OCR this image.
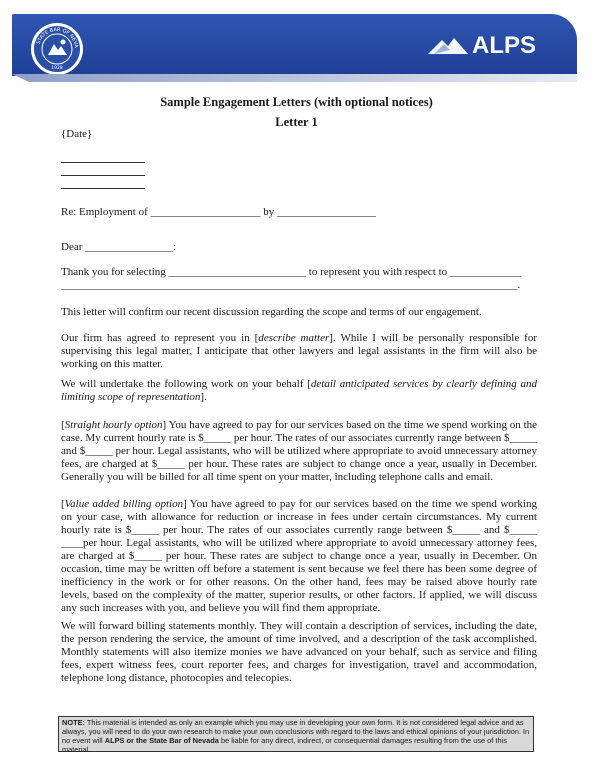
STATE BAR OF NEVA
1928
ALPS
Sample Engagement Letters (with optional notices)
Letter 1
{Date}
Re: Employment of ____________________ by __________________
Dear ________________:
Thank you for selecting _________________________ to represent you with respect to _____________
___________________________________________________________________________________.
This letter will confirm our recent discussion regarding the scope and terms of our engagement.
Our firm has agreed to represent you in [describe matter]. While I will be personally responsible for supervising this legal matter, I anticipate that other lawyers and legal assistants in the firm will also be working on this matter.
We will undertake the following work on your behalf [detail anticipated services by clearly defining and limiting scope of representation].
[Straight hourly option] You have agreed to pay for our services based on the time we spend working on the case. My current hourly rate is $_____ per hour. The rates of our associates currently range between $_____ and $_____ per hour. Legal assistants, who will be utilized where appropriate to avoid unnecessary attorney fees, are charged at $_____ per hour. These rates are subject to change once a year, usually in December. Generally you will be billed for all time spent on your matter, including telephone calls and email.
[Value added billing option] You have agreed to pay for our services based on the time we spend working on your case, with allowance for reduction or increase in fees under certain circumstances. My current hourly rate is $_____ per hour. The rates of our associates currently range between $_____ and $_____ ____per hour. Legal assistants, who will be utilized where appropriate to avoid unnecessary attorney fees, are charged at $_____ per hour. These rates are subject to change once a year, usually in December. On occasion, time may be written off before a statement is sent because we feel there has been some degree of inefficiency in the work or for other reasons. On the other hand, fees may be raised above hourly rate levels, based on the complexity of the matter, superior results, or other factors. If applied, we will discuss any such increases with you, and believe you will find them appropriate.
We will forward billing statements monthly. They will contain a description of services, including the date, the person rendering the service, the amount of time involved, and a description of the task accomplished. Monthly statements will also itemize monies we have advanced on your behalf, such as service and filing fees, expert witness fees, court reporter fees, and charges for investigation, travel and accommodation, telephone long distance, photocopies and telecopies.
NOTE: This material is intended as only an example which you may use in developing your own form. It is not considered legal advice and as always, you will need to do your own research to make your own conclusions with regard to the laws and ethical opinions of your jurisdiction. In no event will ALPS or the State Bar of Nevada be liable for any direct, indirect, or consequential damages resulting from the use of this material.
